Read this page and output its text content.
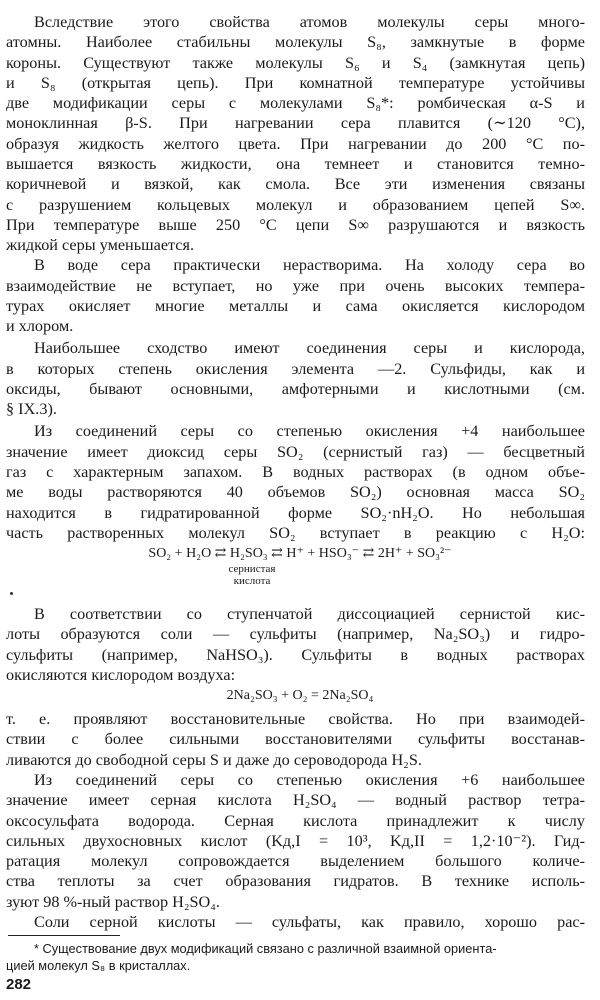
Вследствие этого свойства атомов молекулы серы много-
атомны. Наиболее стабильны молекулы S₈, замкнутые в форме
короны. Существуют также молекулы S₆ и S₄ (замкнутая цепь)
и S₈ (открытая цепь). При комнатной температуре устойчивы
две модификации серы с молекулами S₈*: ромбическая α-S и
моноклинная β-S. При нагревании сера плавится (∼120 °C),
образуя жидкость желтого цвета. При нагревании до 200 °C по-
вышается вязкость жидкости, она темнеет и становится темно-
коричневой и вязкой, как смола. Все эти изменения связаны
с разрушением кольцевых молекул и образованием цепей S∞.
При температуре выше 250 °C цепи S∞ разрушаются и вязкость
жидкой серы уменьшается.
В воде сера практически нерастворима. На холоду сера во
взаимодействие не вступает, но уже при очень высоких темпера-
турах окисляет многие металлы и сама окисляется кислородом
и хлором.
Наибольшее сходство имеют соединения серы и кислорода,
в которых степень окисления элемента —2. Сульфиды, как и
оксиды, бывают основными, амфотерными и кислотными (см.
§ IX.3).
Из соединений серы со степенью окисления +4 наибольшее
значение имеет диоксид серы SO₂ (сернистый газ) — бесцветный
газ с характерным запахом. В водных растворах (в одном объе-
ме воды растворяются 40 объемов SO₂) основная масса SO₂
находится в гидратированной форме SO₂·nH₂O. Но небольшая
часть растворенных молекул SO₂ вступает в реакцию с H₂O:
SO₂ + H₂O ⇄ H₂SO₃ ⇄ H⁺ + HSO₃⁻ ⇄ 2H⁺ + SO₃²⁻
сернистая
кислота
В соответствии со ступенчатой диссоциацией сернистой кис-
лоты образуются соли — сульфиты (например, Na₂SO₃) и гидро-
сульфиты (например, NaHSO₃). Сульфиты в водных растворах
окисляются кислородом воздуха:
2Na₂SO₃ + O₂ = 2Na₂SO₄
т. е. проявляют восстановительные свойства. Но при взаимодей-
ствии с более сильными восстановителями сульфиты восстанав-
ливаются до свободной серы S и даже до сероводорода H₂S.
Из соединений серы со степенью окисления +6 наибольшее
значение имеет серная кислота H₂SO₄ — водный раствор тетра-
оксосульфата водорода. Серная кислота принадлежит к числу
сильных двухосновных кислот (Kд,I = 10³, Kд,II = 1,2·10⁻²). Гид-
ратация молекул сопровождается выделением большого количе-
ства теплоты за счет образования гидратов. В технике исполь-
зуют 98 %-ный раствор H₂SO₄.
Соли серной кислоты — сульфаты, как правило, хорошо рас-
* Существование двух модификаций связано с различной взаимной ориента-
цией молекул S₈ в кристаллах.
282
